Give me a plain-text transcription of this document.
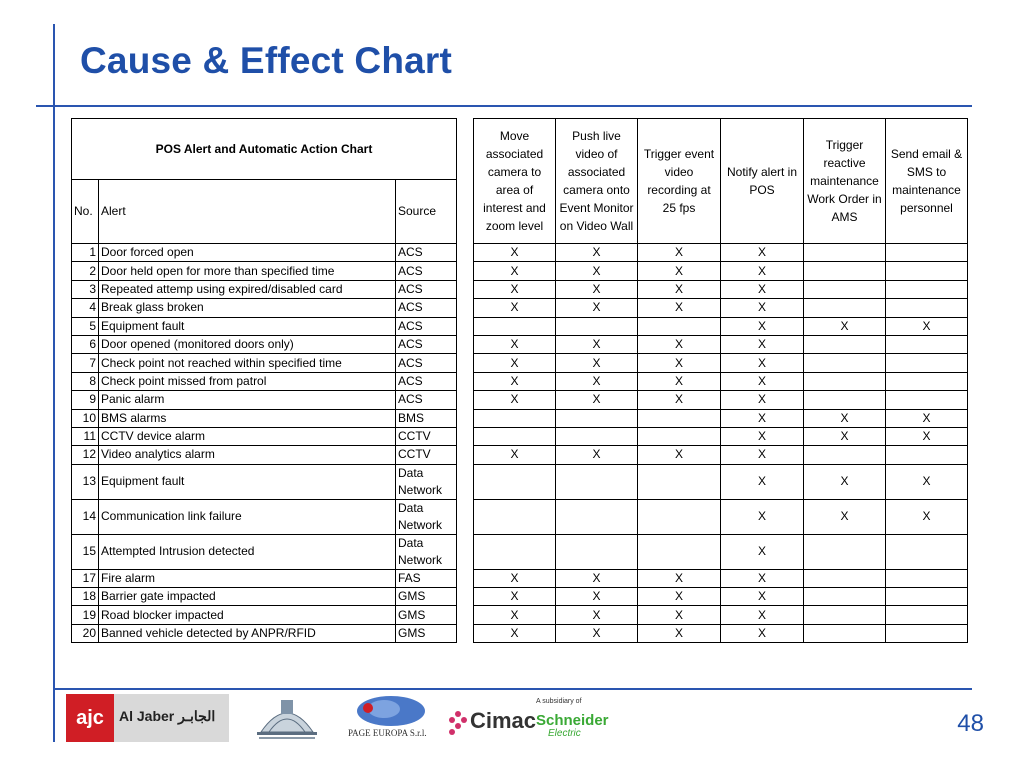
Cause & Effect Chart
POS Alert and Automatic Action Chart				Move associated camera to area of interest and zoom level	Push live video of associated camera onto Event Monitor on Video Wall	Trigger event video recording at 25 fps	Notify alert in POS	Trigger reactive maintenance Work Order in AMS	Send email & SMS to maintenance personnel
No.	Alert	Source							
1	Door forced open	ACS		X	X	X	X		
2	Door held open for more than specified time	ACS		X	X	X	X		
3	Repeated attemp using expired/disabled card	ACS		X	X	X	X		
4	Break glass broken	ACS		X	X	X	X		
5	Equipment fault	ACS					X	X	X
6	Door opened (monitored doors only)	ACS		X	X	X	X		
7	Check point not reached within specified time	ACS		X	X	X	X		
8	Check point missed from patrol	ACS		X	X	X	X		
9	Panic alarm	ACS		X	X	X	X		
10	BMS alarms	BMS					X	X	X
11	CCTV device alarm	CCTV					X	X	X
12	Video analytics alarm	CCTV		X	X	X	X		
13	Equipment fault	Data Network					X	X	X
14	Communication link failure	Data Network					X	X	X
15	Attempted Intrusion detected	Data Network					X		
17	Fire alarm	FAS		X	X	X	X		
18	Barrier gate impacted	GMS		X	X	X	X		
19	Road blocker impacted	GMS		X	X	X	X		
20	Banned vehicle detected by ANPR/RFID	GMS		X	X	X	X		
48
ajc	Al Jaber الجابـر
PAGE EUROPA S.r.l. Cimac
A subsidiary of
Schneider
Electric
